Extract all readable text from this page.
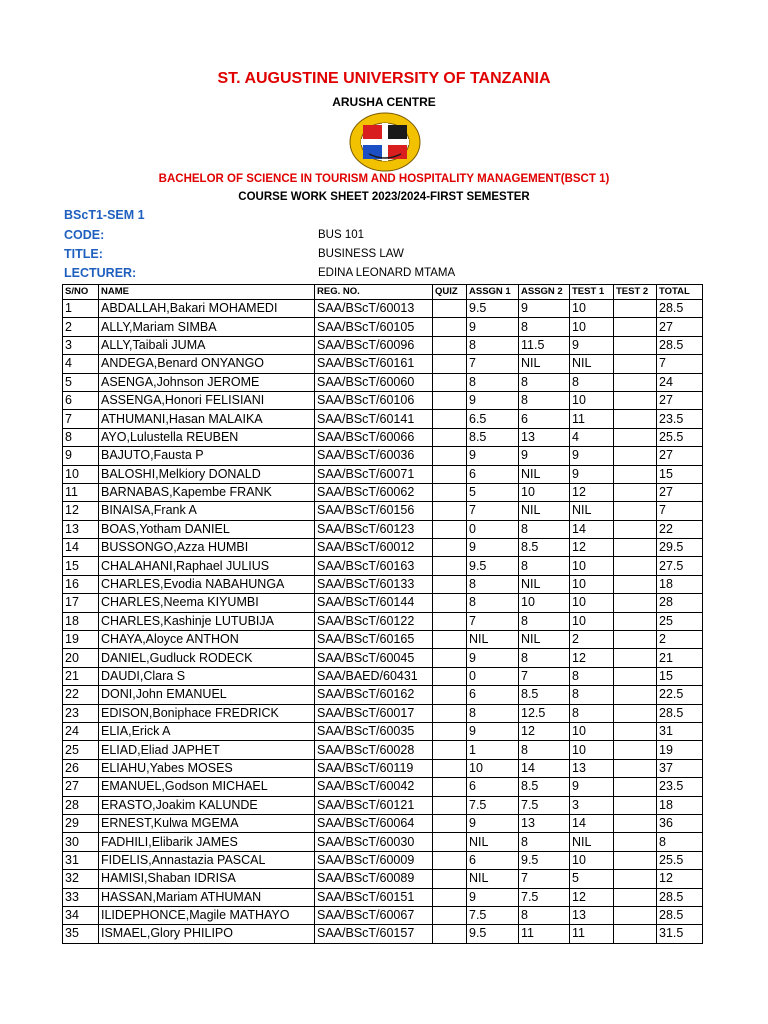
ST. AUGUSTINE UNIVERSITY OF TANZANIA
ARUSHA CENTRE
BACHELOR OF SCIENCE IN TOURISM AND HOSPITALITY MANAGEMENT(BSCT 1)
COURSE WORK SHEET 2023/2024-FIRST SEMESTER
BScT1-SEM 1
CODE:	BUS 101
TITLE:	BUSINESS LAW
LECTURER:	EDINA LEONARD MTAMA
S/NO	NAME	REG. NO.	QUIZ	ASSGN 1	ASSGN 2	TEST 1	TEST 2	TOTAL
1	ABDALLAH,Bakari MOHAMEDI	SAA/BScT/60013		9.5	9	10		28.5
2	ALLY,Mariam SIMBA	SAA/BScT/60105		9	8	10		27
3	ALLY,Taibali JUMA	SAA/BScT/60096		8	11.5	9		28.5
4	ANDEGA,Benard ONYANGO	SAA/BScT/60161		7	NIL	NIL		7
5	ASENGA,Johnson JEROME	SAA/BScT/60060		8	8	8		24
6	ASSENGA,Honori FELISIANI	SAA/BScT/60106		9	8	10		27
7	ATHUMANI,Hasan MALAIKA	SAA/BScT/60141		6.5	6	11		23.5
8	AYO,Lulustella REUBEN	SAA/BScT/60066		8.5	13	4		25.5
9	BAJUTO,Fausta P	SAA/BScT/60036		9	9	9		27
10	BALOSHI,Melkiory DONALD	SAA/BScT/60071		6	NIL	9		15
11	BARNABAS,Kapembe FRANK	SAA/BScT/60062		5	10	12		27
12	BINAISA,Frank A	SAA/BScT/60156		7	NIL	NIL		7
13	BOAS,Yotham DANIEL	SAA/BScT/60123		0	8	14		22
14	BUSSONGO,Azza HUMBI	SAA/BScT/60012		9	8.5	12		29.5
15	CHALAHANI,Raphael JULIUS	SAA/BScT/60163		9.5	8	10		27.5
16	CHARLES,Evodia NABAHUNGA	SAA/BScT/60133		8	NIL	10		18
17	CHARLES,Neema KIYUMBI	SAA/BScT/60144		8	10	10		28
18	CHARLES,Kashinje LUTUBIJA	SAA/BScT/60122		7	8	10		25
19	CHAYA,Aloyce ANTHON	SAA/BScT/60165		NIL	NIL	2		2
20	DANIEL,Gudluck RODECK	SAA/BScT/60045		9	8	12		21
21	DAUDI,Clara S	SAA/BAED/60431		0	7	8		15
22	DONI,John EMANUEL	SAA/BScT/60162		6	8.5	8		22.5
23	EDISON,Boniphace FREDRICK	SAA/BScT/60017		8	12.5	8		28.5
24	ELIA,Erick A	SAA/BScT/60035		9	12	10		31
25	ELIAD,Eliad JAPHET	SAA/BScT/60028		1	8	10		19
26	ELIAHU,Yabes MOSES	SAA/BScT/60119		10	14	13		37
27	EMANUEL,Godson MICHAEL	SAA/BScT/60042		6	8.5	9		23.5
28	ERASTO,Joakim KALUNDE	SAA/BScT/60121		7.5	7.5	3		18
29	ERNEST,Kulwa MGEMA	SAA/BScT/60064		9	13	14		36
30	FADHILI,Elibarik JAMES	SAA/BScT/60030		NIL	8	NIL		8
31	FIDELIS,Annastazia PASCAL	SAA/BScT/60009		6	9.5	10		25.5
32	HAMISI,Shaban IDRISA	SAA/BScT/60089		NIL	7	5		12
33	HASSAN,Mariam ATHUMAN	SAA/BScT/60151		9	7.5	12		28.5
34	ILIDEPHONCE,Magile MATHAYO	SAA/BScT/60067		7.5	8	13		28.5
35	ISMAEL,Glory PHILIPO	SAA/BScT/60157		9.5	11	11		31.5
